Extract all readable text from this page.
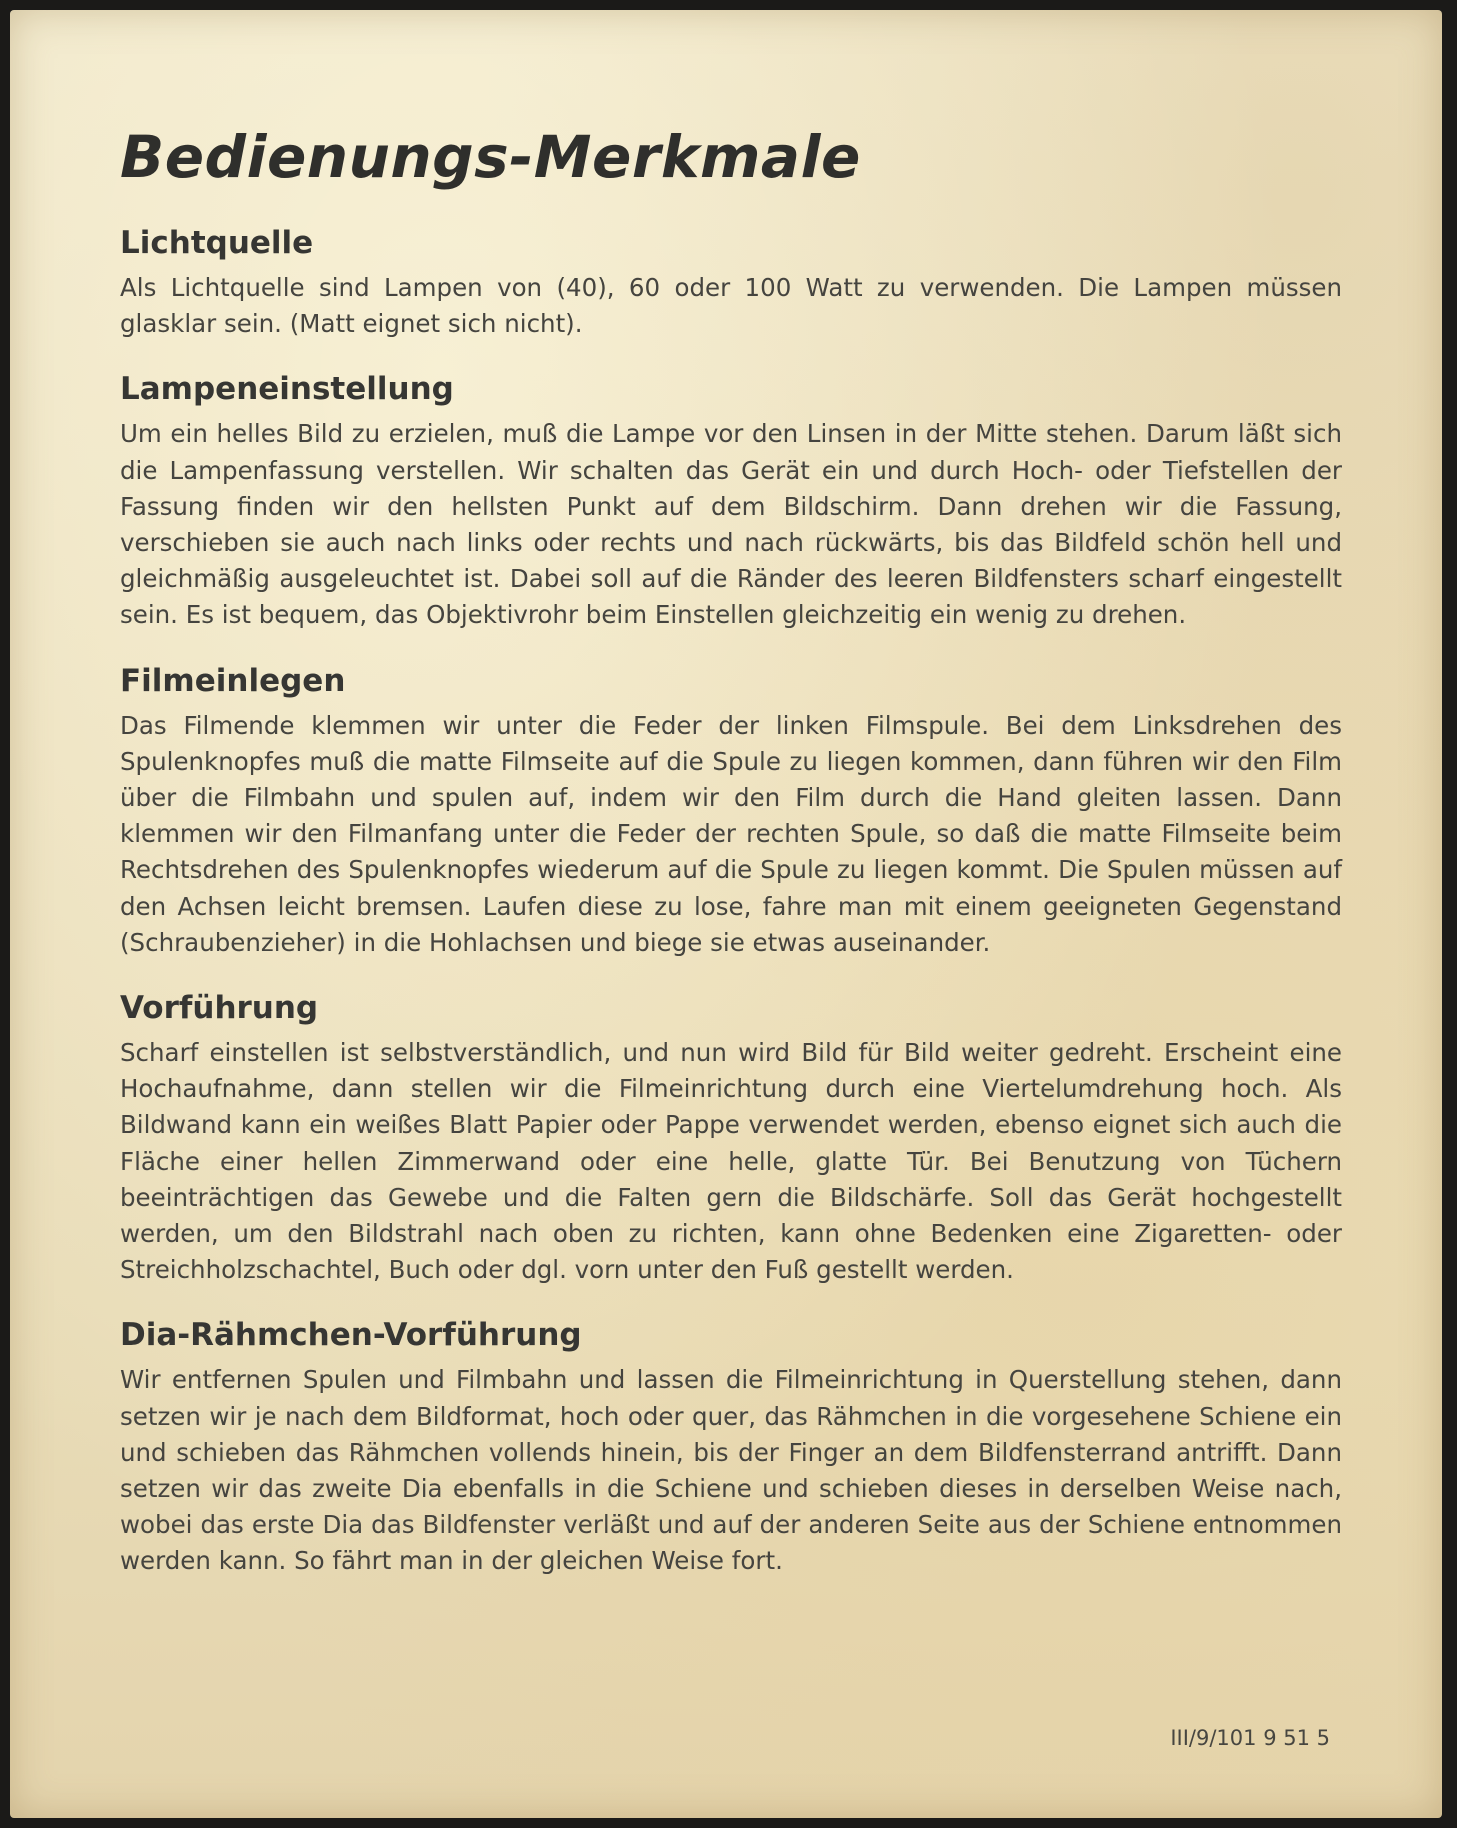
Bedienungs-Merkmale
Lichtquelle

Als Lichtquelle sind Lampen von (40), 60 oder 100 Watt zu verwenden. Die Lampen müssen glasklar sein. (Matt eignet sich nicht).

Lampeneinstellung

Um ein helles Bild zu erzielen, muß die Lampe vor den Linsen in der Mitte stehen. Darum läßt sich die Lampenfassung verstellen. Wir schalten das Gerät ein und durch Hoch- oder Tiefstellen der Fassung finden wir den hellsten Punkt auf dem Bildschirm. Dann drehen wir die Fassung, verschieben sie auch nach links oder rechts und nach rückwärts, bis das Bildfeld schön hell und gleichmäßig ausgeleuchtet ist. Dabei soll auf die Ränder des leeren Bildfensters scharf eingestellt sein. Es ist bequem, das Objektivrohr beim Einstellen gleichzeitig ein wenig zu drehen.

Filmeinlegen

Das Filmende klemmen wir unter die Feder der linken Filmspule. Bei dem Linksdrehen des Spulenknopfes muß die matte Filmseite auf die Spule zu liegen kommen, dann führen wir den Film über die Filmbahn und spulen auf, indem wir den Film durch die Hand gleiten lassen. Dann klemmen wir den Filmanfang unter die Feder der rechten Spule, so daß die matte Filmseite beim Rechtsdrehen des Spulenknopfes wiederum auf die Spule zu liegen kommt. Die Spulen müssen auf den Achsen leicht bremsen. Laufen diese zu lose, fahre man mit einem geeigneten Gegenstand (Schraubenzieher) in die Hohlachsen und biege sie etwas auseinander.

Vorführung

Scharf einstellen ist selbstverständlich, und nun wird Bild für Bild weiter gedreht. Erscheint eine Hochaufnahme, dann stellen wir die Filmeinrichtung durch eine Viertelumdrehung hoch. Als Bildwand kann ein weißes Blatt Papier oder Pappe verwendet werden, ebenso eignet sich auch die Fläche einer hellen Zimmerwand oder eine helle, glatte Tür. Bei Benutzung von Tüchern beeinträchtigen das Gewebe und die Falten gern die Bildschärfe. Soll das Gerät hochgestellt werden, um den Bildstrahl nach oben zu richten, kann ohne Bedenken eine Zigaretten- oder Streichholzschachtel, Buch oder dgl. vorn unter den Fuß gestellt werden.

Dia-Rähmchen-Vorführung

Wir entfernen Spulen und Filmbahn und lassen die Filmeinrichtung in Querstellung stehen, dann setzen wir je nach dem Bildformat, hoch oder quer, das Rähmchen in die vorgesehene Schiene ein und schieben das Rähmchen vollends hinein, bis der Finger an dem Bildfensterrand antrifft. Dann setzen wir das zweite Dia ebenfalls in die Schiene und schieben dieses in derselben Weise nach, wobei das erste Dia das Bildfenster verläßt und auf der anderen Seite aus der Schiene entnommen werden kann. So fährt man in der gleichen Weise fort.

III/9/101 9 51 5
